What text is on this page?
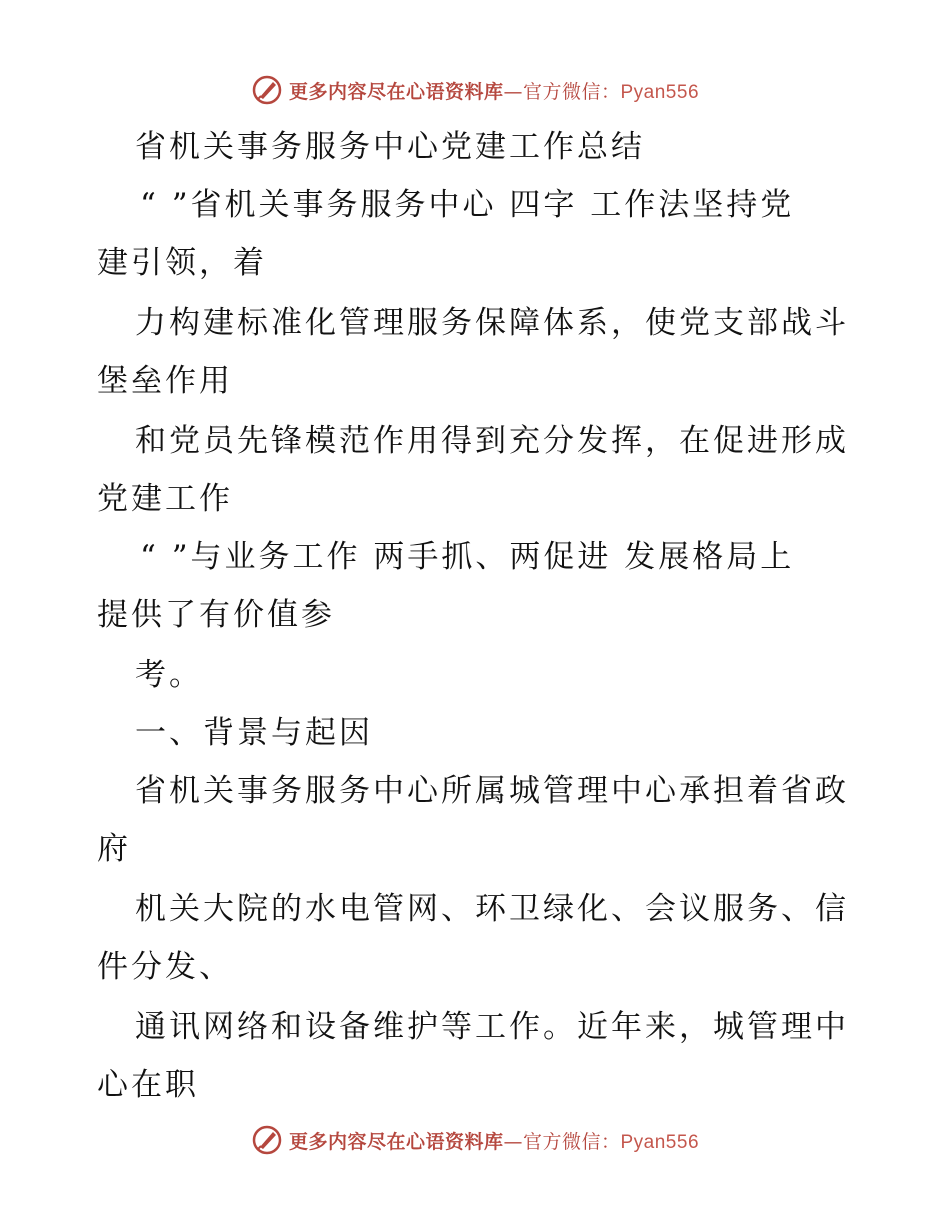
更多内容尽在心语资料库—官方微信：Pyan556
省机关事务服务中心党建工作总结
“ ”省机关事务服务中心 四字 工作法坚持党
建引领，着
力构建标准化管理服务保障体系，使党支部战斗
堡垒作用
和党员先锋模范作用得到充分发挥，在促进形成
党建工作
“ ”与业务工作 两手抓、两促进 发展格局上
提供了有价值参
考。
一、背景与起因
省机关事务服务中心所属城管理中心承担着省政
府
机关大院的水电管网、环卫绿化、会议服务、信
件分发、
通讯网络和设备维护等工作。近年来，城管理中
心在职
更多内容尽在心语资料库—官方微信：Pyan556
